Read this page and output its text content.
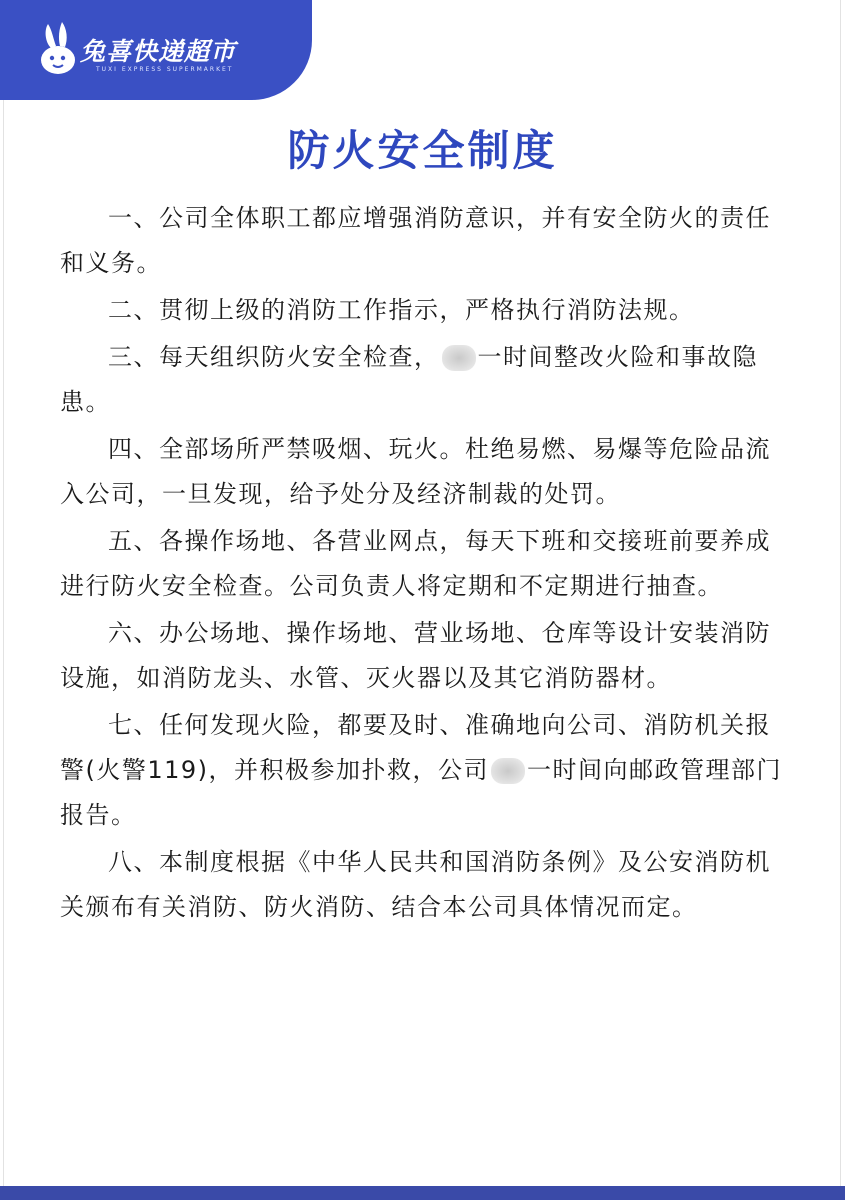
兔喜快递超市
TUXI EXPRESS SUPERMARKET
防火安全制度
一、公司全体职工都应增强消防意识，并有安全防火的责任和义务。
二、贯彻上级的消防工作指示，严格执行消防法规。
三、每天组织防火安全检查， 一时间整改火险和事故隐患。
四、全部场所严禁吸烟、玩火。杜绝易燃、易爆等危险品流入公司，一旦发现，给予处分及经济制裁的处罚。
五、各操作场地、各营业网点，每天下班和交接班前要养成进行防火安全检查。公司负责人将定期和不定期进行抽查。
六、办公场地、操作场地、营业场地、仓库等设计安装消防设施，如消防龙头、水管、灭火器以及其它消防器材。
七、任何发现火险，都要及时、准确地向公司、消防机关报警(火警119)，并积极参加扑救，公司 一时间向邮政管理部门报告。
八、本制度根据《中华人民共和国消防条例》及公安消防机关颁布有关消防、防火消防、结合本公司具体情况而定。
